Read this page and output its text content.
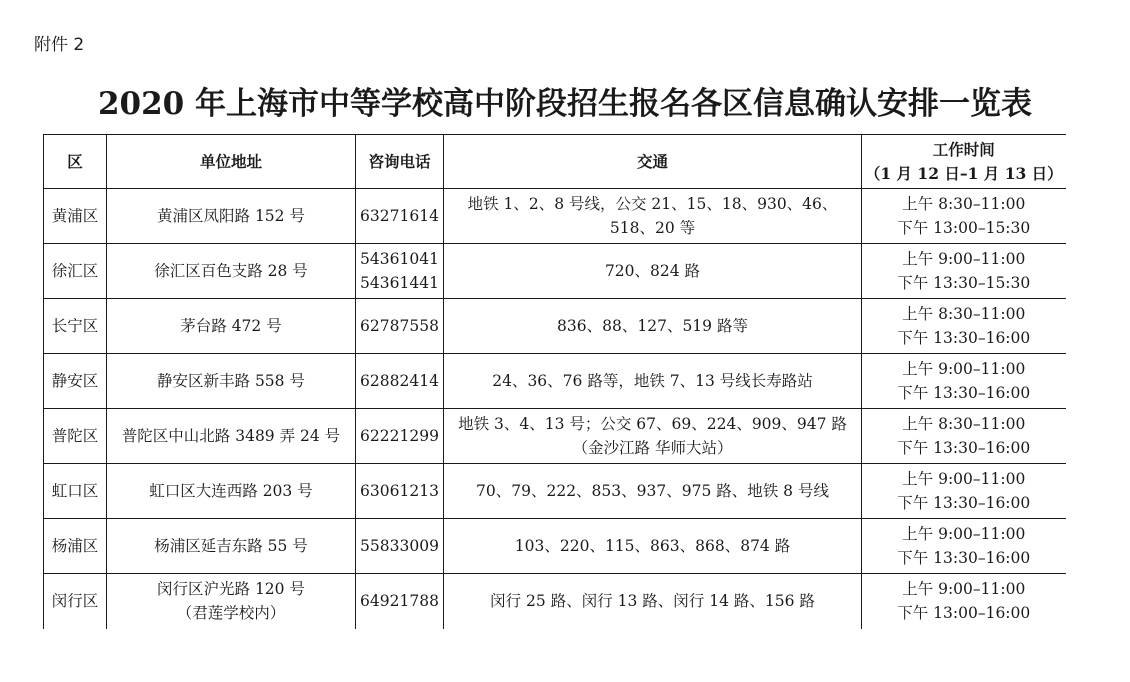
附件 2
2020 年上海市中等学校高中阶段招生报名各区信息确认安排一览表
区	单位地址	咨询电话	交通	工作时间
（1 月 12 日–1 月 13 日）

黄浦区	黄浦区凤阳路 152 号	63271614	地铁 1、2、8 号线，公交 21、15、18、930、46、
518、20 等	上午 8:30–11:00
下午 13:00–15:30

徐汇区	徐汇区百色支路 28 号	54361041
54361441	720、824 路	上午 9:00–11:00
下午 13:30–15:30

长宁区	茅台路 472 号	62787558	836、88、127、519 路等	上午 8:30–11:00
下午 13:30–16:00

静安区	静安区新丰路 558 号	62882414	24、36、76 路等，地铁 7、13 号线长寿路站	上午 9:00–11:00
下午 13:30–16:00

普陀区	普陀区中山北路 3489 弄 24 号	62221299	地铁 3、4、13 号；公交 67、69、224、909、947 路
（金沙江路 华师大站）	上午 8:30–11:00
下午 13:30–16:00

虹口区	虹口区大连西路 203 号	63061213	70、79、222、853、937、975 路、地铁 8 号线	上午 9:00–11:00
下午 13:30–16:00

杨浦区	杨浦区延吉东路 55 号	55833009	103、220、115、863、868、874 路	上午 9:00–11:00
下午 13:30–16:00

闵行区	闵行区沪光路 120 号
（君莲学校内）	64921788	闵行 25 路、闵行 13 路、闵行 14 路、156 路	上午 9:00–11:00
下午 13:00–16:00
